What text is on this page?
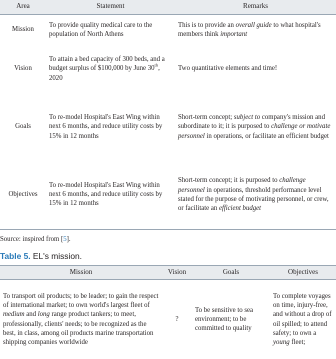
Area	Statement	Remarks
Mission	To provide quality medical care to the population of North Athens	This is to provide an overall guide to what hospital's members think important
Vision	To attain a bed capacity of 300 beds, and a budget surplus of $100,000 by June 30th, 2020	Two quantitative elements and time!
Goals	To re-model Hospital's East Wing within next 6 months, and reduce utility costs by 15% in 12 months	Short-term concept; subject to company's mission and subordinate to it; it is purposed to challenge or motivate personnel in operations, or facilitate an efficient budget
Objectives	To re-model Hospital's East Wing within next 6 months, and reduce utility costs by 15% in 12 months	Short-term concept; it is purposed to challenge personnel in operations, threshold performance level stated for the purpose of motivating personnel, or crew, or facilitate an efficient budget
Source: inspired from [5].
Table 5. EL's mission.
Mission	Vision	Goals	Objectives
To transport oil products; to be leader; to gain the respect of international market; to own world's largest fleet of medium and long range product tankers; to meet, professionally, clients' needs; to be recognized as the best, in class, among oil products marine transportation shipping companies worldwide	?	To be sensitive to sea environment; to be committed to quality	To complete voyages on time, injury-free, and without a drop of oil spilled; to attend safety; to own a young fleet;
